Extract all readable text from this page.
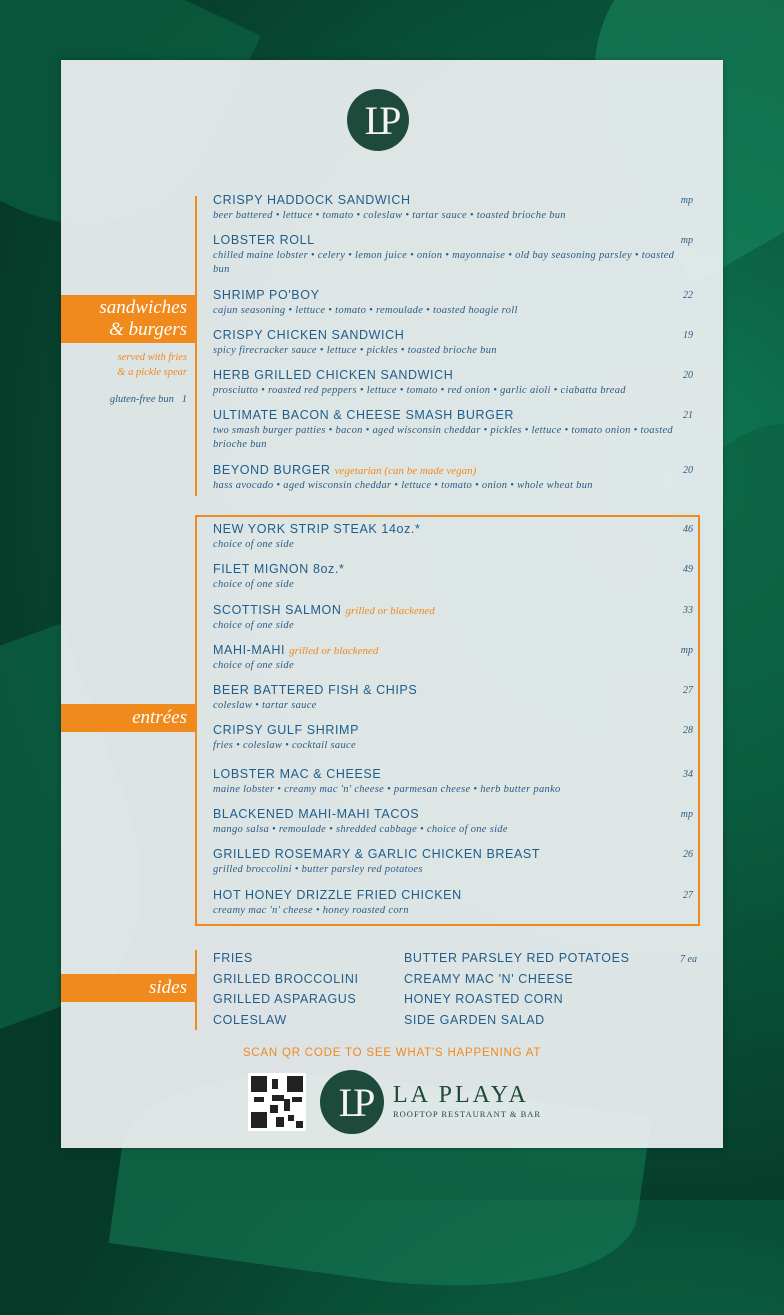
LP
sandwiches
& burgers
served with fries
& a pickle spear
gluten-free bun 1
CRISPY HADDOCK SANDWICH
beer battered • lettuce • tomato • coleslaw • tartar sauce • toasted brioche bun
mp
LOBSTER ROLL
chilled maine lobster • celery • lemon juice • onion • mayonnaise • old bay seasoning parsley • toasted bun
mp
SHRIMP PO'BOY
cajun seasoning • lettuce • tomato • remoulade • toasted hoagie roll
22
CRISPY CHICKEN SANDWICH
spicy firecracker sauce • lettuce • pickles • toasted brioche bun
19
HERB GRILLED CHICKEN SANDWICH
prosciutto • roasted red peppers • lettuce • tomato • red onion • garlic aioli • ciabatta bread
20
ULTIMATE BACON & CHEESE SMASH BURGER
two smash burger patties • bacon • aged wisconsin cheddar • pickles • lettuce • tomato onion • toasted brioche bun
21
BEYOND BURGER vegetarian (can be made vegan)
hass avocado • aged wisconsin cheddar • lettuce • tomato • onion • whole wheat bun
20
entrées
NEW YORK STRIP STEAK 14oz.*
choice of one side
46
FILET MIGNON 8oz.*
choice of one side
49
SCOTTISH SALMON grilled or blackened
choice of one side
33
MAHI-MAHI grilled or blackened
choice of one side
mp
BEER BATTERED FISH & CHIPS
coleslaw • tartar sauce
27
CRIPSY GULF SHRIMP
fries • coleslaw • cocktail sauce
28
LOBSTER MAC & CHEESE
maine lobster • creamy mac 'n' cheese • parmesan cheese • herb butter panko
34
BLACKENED MAHI-MAHI TACOS
mango salsa • remoulade • shredded cabbage • choice of one side
mp
GRILLED ROSEMARY & GARLIC CHICKEN BREAST
grilled broccolini • butter parsley red potatoes
26
HOT HONEY DRIZZLE FRIED CHICKEN
creamy mac 'n' cheese • honey roasted corn
27
sides
FRIES
GRILLED BROCCOLINI
GRILLED ASPARAGUS
COLESLAW
BUTTER PARSLEY RED POTATOES
CREAMY MAC 'N' CHEESE
HONEY ROASTED CORN
SIDE GARDEN SALAD
7 ea
SCAN QR CODE TO SEE WHAT'S HAPPENING AT
LP LA PLAYA
ROOFTOP RESTAURANT & BAR
